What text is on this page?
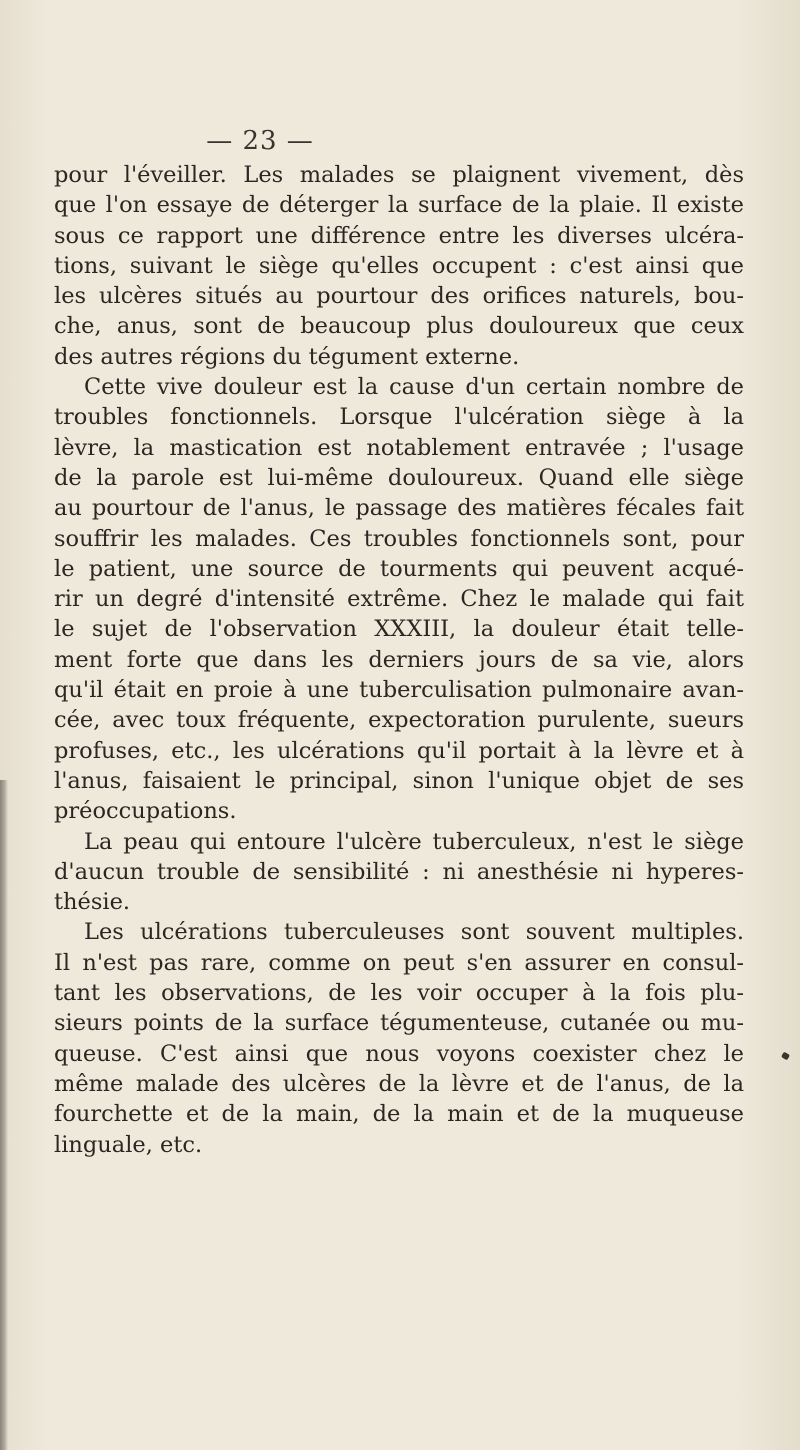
— 23 —
pour l'éveiller. Les malades se plaignent vivement, dès
que l'on essaye de déterger la surface de la plaie. Il existe
sous ce rapport une différence entre les diverses ulcéra-
tions, suivant le siège qu'elles occupent : c'est ainsi que
les ulcères situés au pourtour des orifices naturels, bou-
che, anus, sont de beaucoup plus douloureux que ceux
des autres régions du tégument externe.
Cette vive douleur est la cause d'un certain nombre de
troubles fonctionnels. Lorsque l'ulcération siège à la
lèvre, la mastication est notablement entravée ; l'usage
de la parole est lui-même douloureux. Quand elle siège
au pourtour de l'anus, le passage des matières fécales fait
souffrir les malades. Ces troubles fonctionnels sont, pour
le patient, une source de tourments qui peuvent acqué-
rir un degré d'intensité extrême. Chez le malade qui fait
le sujet de l'observation XXXIII, la douleur était telle-
ment forte que dans les derniers jours de sa vie, alors
qu'il était en proie à une tuberculisation pulmonaire avan-
cée, avec toux fréquente, expectoration purulente, sueurs
profuses, etc., les ulcérations qu'il portait à la lèvre et à
l'anus, faisaient le principal, sinon l'unique objet de ses
préoccupations.
La peau qui entoure l'ulcère tuberculeux, n'est le siège
d'aucun trouble de sensibilité : ni anesthésie ni hyperes-
thésie.
Les ulcérations tuberculeuses sont souvent multiples.
Il n'est pas rare, comme on peut s'en assurer en consul-
tant les observations, de les voir occuper à la fois plu-
sieurs points de la surface tégumenteuse, cutanée ou mu-
queuse. C'est ainsi que nous voyons coexister chez le
même malade des ulcères de la lèvre et de l'anus, de la
fourchette et de la main, de la main et de la muqueuse
linguale, etc.
